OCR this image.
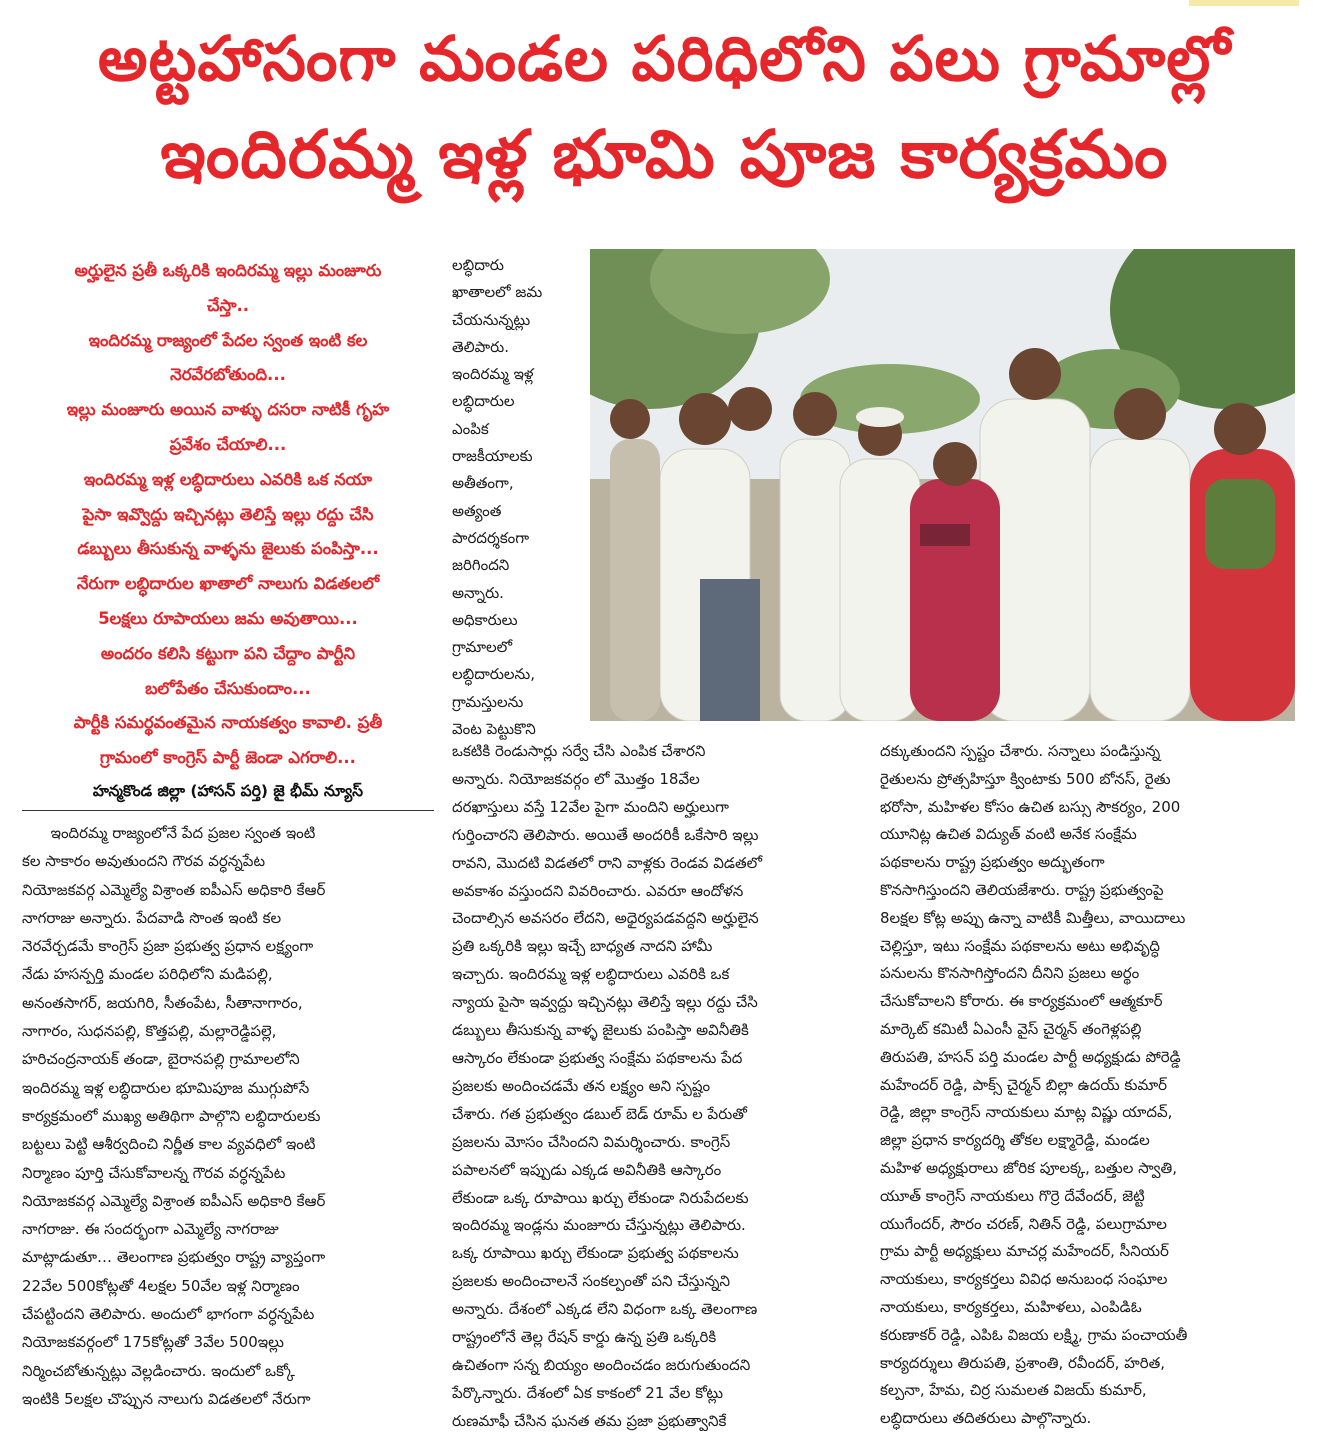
అట్టహాసంగా మండల పరిధిలోని పలు గ్రామాల్లో
ఇందిరమ్మ ఇళ్ల భూమి పూజ కార్యక్రమం
అర్హులైన ప్రతీ ఒక్కరికి ఇందిరమ్మ ఇల్లు మంజూరు
చేస్తా..
ఇందిరమ్మ రాజ్యంలో పేదల స్వంత ఇంటి కల
నెరవేరబోతుంది...
ఇల్లు మంజూరు అయిన వాళ్ళు దసరా నాటికీ గృహ
ప్రవేశం చేయాలి...
ఇందిరమ్మ ఇళ్ల లబ్ధిదారులు ఎవరికి ఒక నయా
పైసా ఇవ్వొద్దు ఇచ్చినట్లు తెలిస్తే ఇల్లు రద్దు చేసి
డబ్బులు తీసుకున్న వాళ్ళను జైలుకు పంపిస్తా...
నేరుగా లబ్ధిదారుల ఖాతాలో నాలుగు విడతలలో
5లక్షలు రూపాయలు జమ అవుతాయి...
అందరం కలిసి కట్టుగా పని చేద్దాం పార్టీని
బలోపేతం చేసుకుందాం...
పార్టీకి సమర్థవంతమైన నాయకత్వం కావాలి. ప్రతీ
గ్రామంలో కాంగ్రెస్ పార్టీ జెండా ఎగరాలి...
హన్మకొండ జిల్లా (హాసన్ పర్తి) జై భీమ్ న్యూస్
ఇందిరమ్మ రాజ్యంలోనే పేద ప్రజల స్వంత ఇంటి
కల సాకారం అవుతుందని గౌరవ వర్ధన్నపేట
నియోజకవర్గ ఎమ్మెల్యే విశ్రాంత ఐపీఎస్ అధికారి కేఆర్
నాగరాజు అన్నారు. పేదవాడి సొంత ఇంటి కల
నెరవేర్చడమే కాంగ్రెస్ ప్రజా ప్రభుత్వ ప్రధాన లక్ష్యంగా
నేడు హసన్పర్తి మండల పరిధిలోని మడిపల్లి,
అనంతసాగర్, జయగిరి, సీతంపేట, సీతానాగారం,
నాగారం, సుధనపల్లి, కొత్తపల్లి, మల్లారెడ్డిపల్లె,
హరిచంద్రనాయక్ తండా, బైరానపల్లి గ్రామాలలోని
ఇందిరమ్మ ఇళ్ల లబ్ధిదారుల భూమిపూజ ముగ్గుపోసే
కార్యక్రమంలో ముఖ్య అతిథిగా పాల్గొని లబ్ధిదారులకు
బట్టలు పెట్టి ఆశీర్వదించి నిర్ణీత కాల వ్యవధిలో ఇంటి
నిర్మాణం పూర్తి చేసుకోవాలన్న గౌరవ వర్ధన్నపేట
నియోజకవర్గ ఎమ్మెల్యే విశ్రాంత ఐపీఎస్ అధికారి కేఆర్
నాగరాజు. ఈ సందర్భంగా ఎమ్మెల్యే నాగరాజు
మాట్లాడుతూ… తెలంగాణ ప్రభుత్వం రాష్ట్ర వ్యాప్తంగా
22వేల 500కోట్లతో 4లక్షల 50వేల ఇళ్ల నిర్మాణం
చేపట్టిందని తెలిపారు. అందులో భాగంగా వర్ధన్నపేట
నియోజకవర్గంలో 175కోట్లతో 3వేల 500ఇల్లు
నిర్మించబోతున్నట్లు వెల్లడించారు. ఇందులో ఒక్కో
ఇంటికి 5లక్షల చొప్పున నాలుగు విడతలలో నేరుగా
లబ్ధిదారు
ఖాతాలలో జమ
చేయనున్నట్లు
తెలిపారు.
ఇందిరమ్మ ఇళ్ల
లబ్ధిదారుల
ఎంపిక
రాజకీయాలకు
అతీతంగా,
అత్యంత
పారదర్శకంగా
జరిగిందని
అన్నారు.
అధికారులు
గ్రామాలలో
లబ్ధిదారులను,
గ్రామస్తులను
వెంట పెట్టుకొని
ఒకటికి రెండుసార్లు సర్వే చేసి ఎంపిక చేశారని
అన్నారు. నియోజకవర్గం లో మొత్తం 18వేల
దరఖాస్తులు వస్తే 12వేల పైగా మందిని అర్హులుగా
గుర్తించారని తెలిపారు. అయితే అందరికీ ఒకేసారి ఇల్లు
రావని, మొదటి విడతలో రాని వాళ్లకు రెండవ విడతలో
అవకాశం వస్తుందని వివరించారు. ఎవరూ ఆందోళన
చెందాల్సిన అవసరం లేదని, అధైర్యపడవద్దని అర్హులైన
ప్రతి ఒక్కరికి ఇల్లు ఇచ్చే బాధ్యత నాదని హామీ
ఇచ్చారు. ఇందిరమ్మ ఇళ్ల లబ్ధిదారులు ఎవరికి ఒక
న్యాయ పైసా ఇవ్వద్దు ఇచ్చినట్లు తెలిస్తే ఇల్లు రద్దు చేసి
డబ్బులు తీసుకున్న వాళ్ళ జైలుకు పంపిస్తా అవినీతికి
ఆస్కారం లేకుండా ప్రభుత్వ సంక్షేమ పథకాలను పేద
ప్రజలకు అందించడమే తన లక్ష్యం అని స్పష్టం
చేశారు. గత ప్రభుత్వం డబుల్ బెడ్ రూమ్ ల పేరుతో
ప్రజలను మోసం చేసిందని విమర్శించారు. కాంగ్రెస్
పపాలనలో ఇప్పుడు ఎక్కడ అవినీతికి ఆస్కారం
లేకుండా ఒక్క రూపాయి ఖర్చు లేకుండా నిరుపేదలకు
ఇందిరమ్మ ఇండ్లను మంజూరు చేస్తున్నట్లు తెలిపారు.
ఒక్క రూపాయి ఖర్చు లేకుండా ప్రభుత్వ పథకాలను
ప్రజలకు అందించాలనే సంకల్పంతో పని చేస్తున్నని
అన్నారు. దేశంలో ఎక్కడ లేని విధంగా ఒక్క తెలంగాణ
రాష్ట్రంలోనే తెల్ల రేషన్ కార్డు ఉన్న ప్రతి ఒక్కరికి
ఉచితంగా సన్న బియ్యం అందించడం జరుగుతుందని
పేర్కొన్నారు. దేశంలో ఏక కాకంలో 21 వేల కోట్లు
రుణమాఫీ చేసిన ఘనత తమ ప్రజా ప్రభుత్వానికే
దక్కుతుందని స్పష్టం చేశారు. సన్నాలు పండిస్తున్న
రైతులను ప్రోత్సహిస్తూ క్వింటాకు 500 బోనస్, రైతు
భరోసా, మహిళల కోసం ఉచిత బస్సు సౌకర్యం, 200
యూనిట్ల ఉచిత విద్యుత్ వంటి అనేక సంక్షేమ
పథకాలను రాష్ట్ర ప్రభుత్వం అద్భుతంగా
కొనసాగిస్తుందని తెలియజేశారు. రాష్ట్ర ప్రభుత్వంపై
8లక్షల కోట్ల అప్పు ఉన్నా వాటికీ మిత్తీలు, వాయిదాలు
చెల్లిస్తూ, ఇటు సంక్షేమ పథకాలను అటు అభివృద్ధి
పనులను కొనసాగిస్తోందని దీనిని ప్రజలు అర్థం
చేసుకోవాలని కోరారు. ఈ కార్యక్రమంలో ఆత్మకూర్
మార్కెట్ కమిటీ ఏఎంసీ వైస్ చైర్మన్ తంగెళ్లపల్లి
తిరుపతి, హసన్ పర్తి మండల పార్టీ అధ్యక్షుడు పోరెడ్డి
మహేందర్ రెడ్డి, పాక్స్ చైర్మన్ బిల్లా ఉదయ్ కుమార్
రెడ్డి, జిల్లా కాంగ్రెస్ నాయకులు మాట్ల విష్ణు యాదవ్,
జిల్లా ప్రధాన కార్యదర్శి తోకల లక్ష్మారెడ్డి, మండల
మహిళ అధ్యక్షురాలు జోరిక పూలక్క, బత్తుల స్వాతి,
యూత్ కాంగ్రెస్ నాయకులు గొర్రె దేవేందర్, జెట్టి
యుగేందర్, సౌరం చరణ్, నితిన్ రెడ్డి, పలుగ్రామాల
గ్రామ పార్టీ అధ్యక్షులు మాచర్ల మహేందర్, సీనియర్
నాయకులు, కార్యకర్తలు వివిధ అనుబంధ సంఘాల
నాయకులు, కార్యకర్తలు, మహిళలు, ఎంపిడిఓ
కరుణాకర్ రెడ్డి, ఎపిఓ విజయ లక్ష్మి, గ్రామ పంచాయతీ
కార్యదర్శులు తిరుపతి, ప్రశాంతి, రవీందర్, హరిత,
కల్పనా, హేమ, చిర్ర సుమలత విజయ్ కుమార్,
లబ్ధిదారులు తదితరులు పాల్గొన్నారు.
